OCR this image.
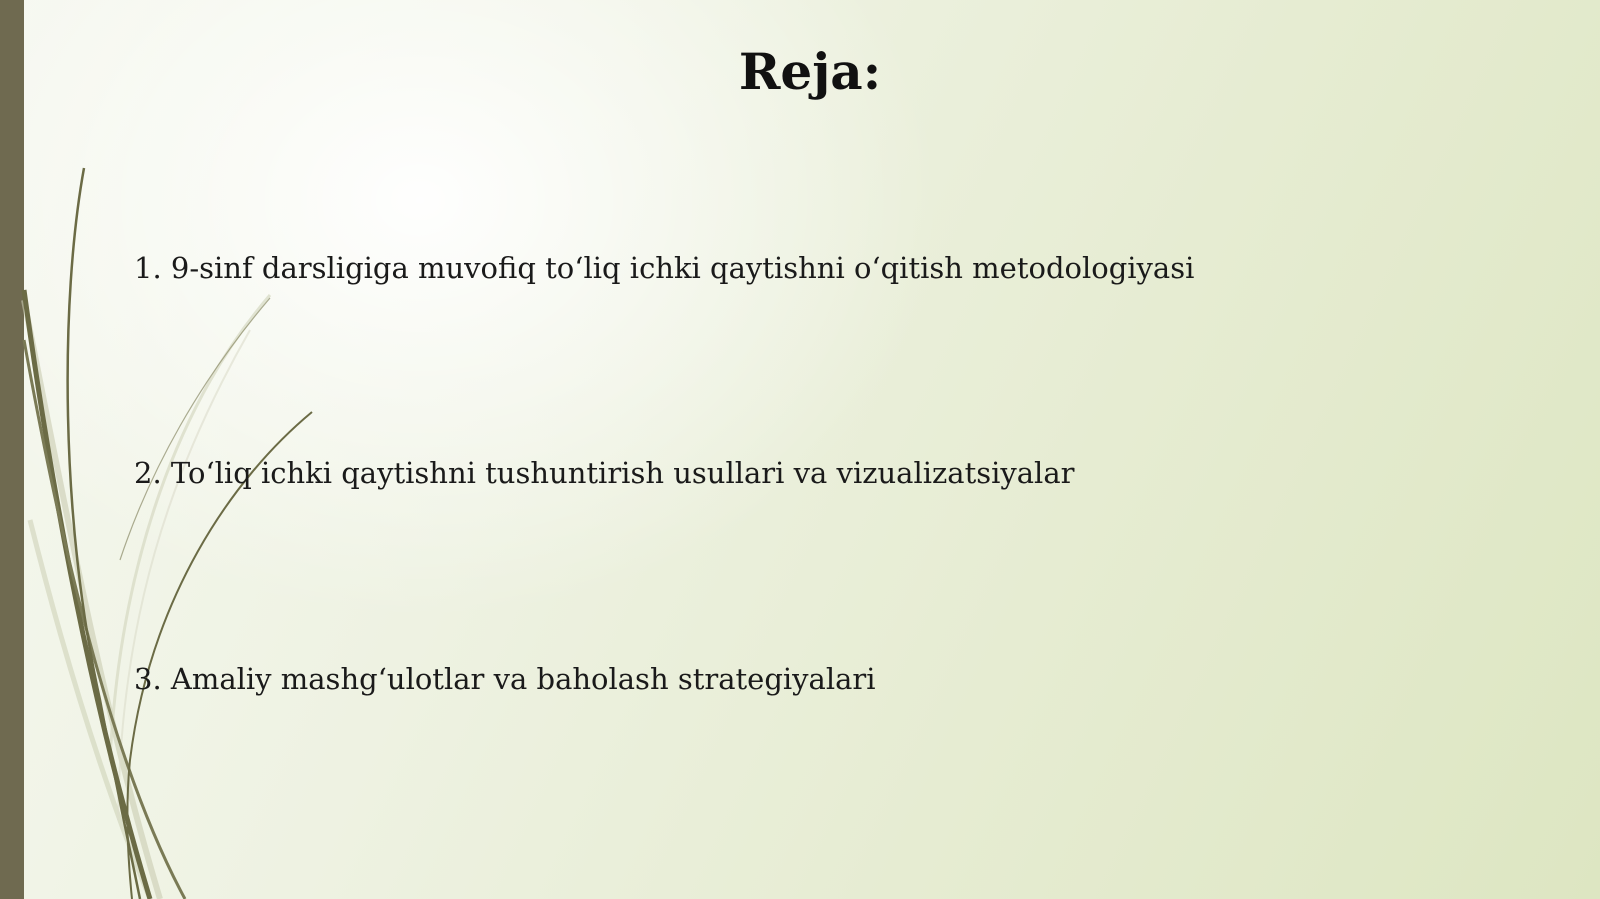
Reja:

1. 9-sinf darsligiga muvofiq to‘liq ichki qaytishni o‘qitish metodologiyasi

2. To‘liq ichki qaytishni tushuntirish usullari va vizualizatsiyalar

3. Amaliy mashg‘ulotlar va baholash strategiyalari
